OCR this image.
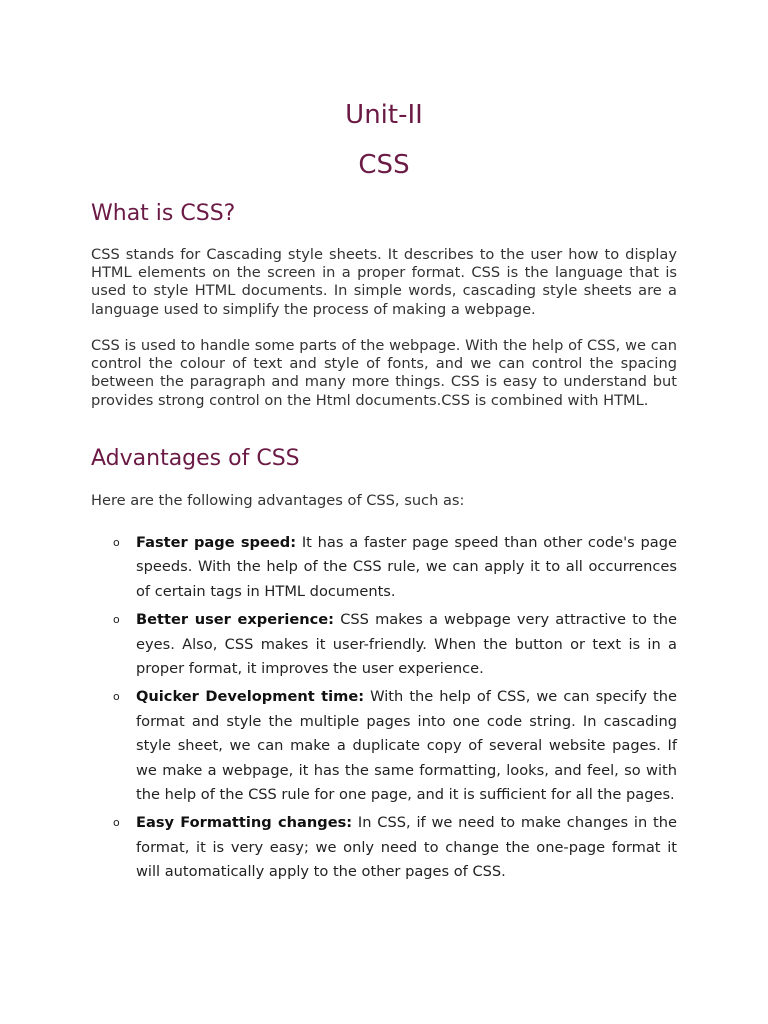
Unit-II
CSS
What is CSS?

CSS stands for Cascading style sheets. It describes to the user how to display HTML elements on the screen in a proper format. CSS is the language that is used to style HTML documents. In simple words, cascading style sheets are a language used to simplify the process of making a webpage.

CSS is used to handle some parts of the webpage. With the help of CSS, we can control the colour of text and style of fonts, and we can control the spacing between the paragraph and many more things. CSS is easy to understand but provides strong control on the Html documents.CSS is combined with HTML.

Advantages of CSS

Here are the following advantages of CSS, such as:

o Faster page speed: It has a faster page speed than other code's page speeds. With the help of the CSS rule, we can apply it to all occurrences of certain tags in HTML documents.
o Better user experience: CSS makes a webpage very attractive to the eyes. Also, CSS makes it user-friendly. When the button or text is in a proper format, it improves the user experience.
o Quicker Development time: With the help of CSS, we can specify the format and style the multiple pages into one code string. In cascading style sheet, we can make a duplicate copy of several website pages. If we make a webpage, it has the same formatting, looks, and feel, so with the help of the CSS rule for one page, and it is sufficient for all the pages.
o Easy Formatting changes: In CSS, if we need to make changes in the format, it is very easy; we only need to change the one-page format it will automatically apply to the other pages of CSS.
